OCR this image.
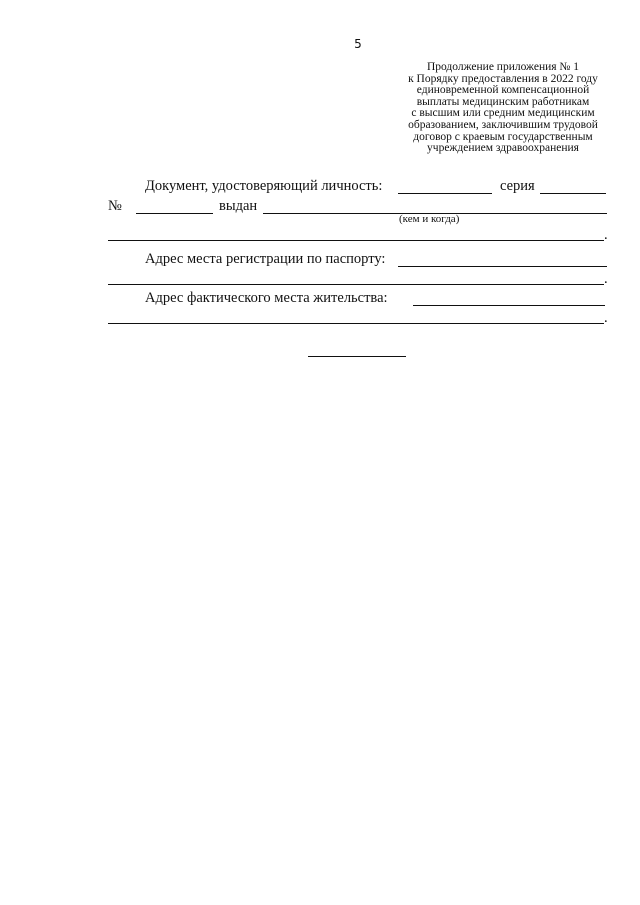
5
Продолжение приложения № 1
к Порядку предоставления в 2022 году
единовременной компенсационной
выплаты медицинским работникам
с высшим или средним медицинским
образованием, заключившим трудовой
договор с краевым государственным
учреждением здравоохранения
Документ, удостоверяющий личность:	серия
№	выдан
(кем и когда)
.
Адрес места регистрации по паспорту:
.
Адрес фактического места жительства:
.
